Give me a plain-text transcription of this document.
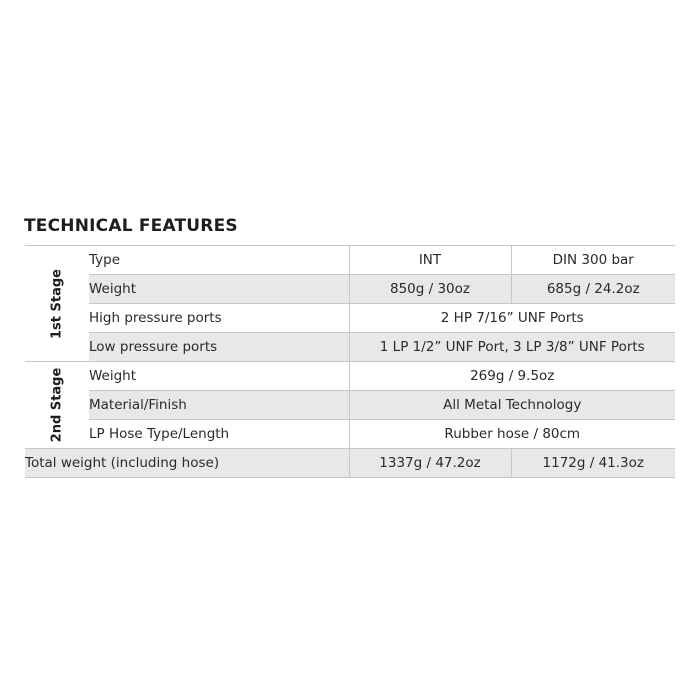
TECHNICAL FEATURES
1st Stage	Type	INT	DIN 300 bar
	Weight	850g / 30oz	685g / 24.2oz
	High pressure ports	2 HP 7/16” UNF Ports	
	Low pressure ports	1 LP 1/2” UNF Port, 3 LP 3/8” UNF Ports	

2nd Stage	Weight	269g / 9.5oz	
	Material/Finish	All Metal Technology	
	LP Hose Type/Length	Rubber hose / 80cm	
Total weight (including hose)		1337g / 47.2oz	1172g / 41.3oz
